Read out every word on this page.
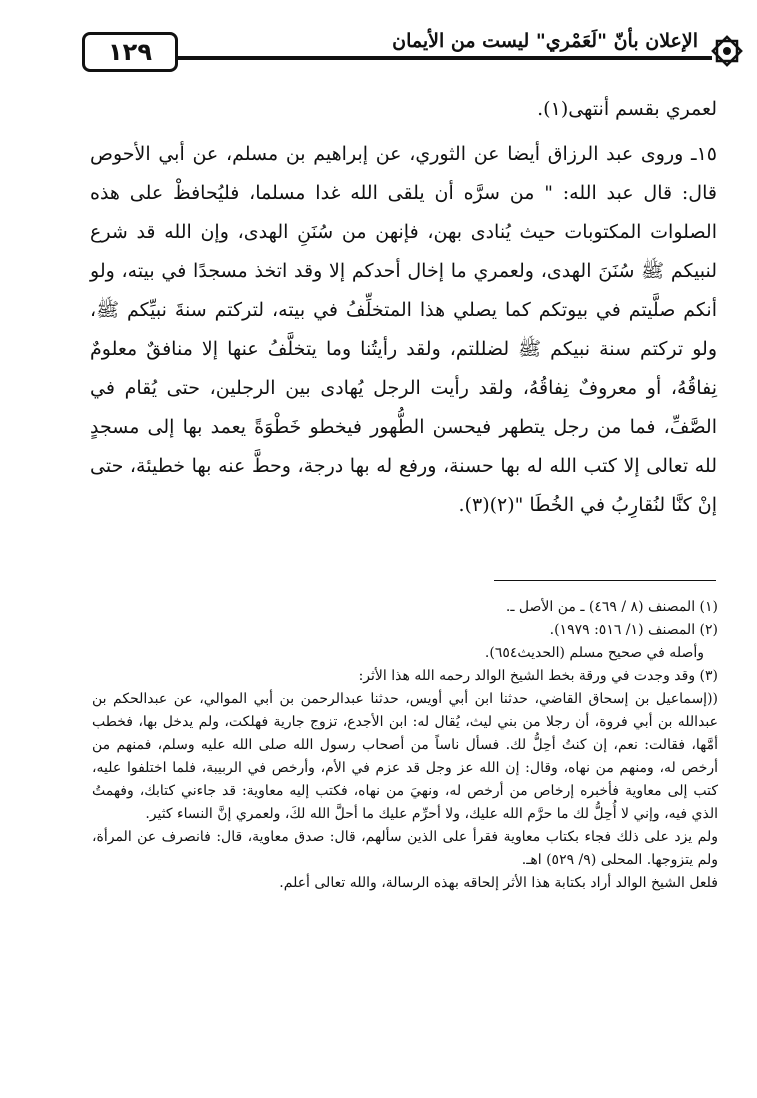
١٢٩	الإعلان بأنّ "لَعَمْري" ليست من الأيمان

لعمري بقسم أنتهى(١).

١٥ـ وروى عبد الرزاق أيضا عن الثوري، عن إبراهيم بن مسلم، عن أبي الأحوص قال: قال عبد الله: " من سرَّه أن يلقى الله غدا مسلما، فليُحافظْ على هذه الصلوات المكتوبات حيث يُنادى بهن، فإنهن من سُنَنِ الهدى، وإن الله قد شرع لنبيكم ﷺ سُنَنَ الهدى، ولعمري ما إخال أحدكم إلا وقد اتخذ مسجدًا في بيته، ولو أنكم صلَّيتم في بيوتكم كما يصلي هذا المتخلِّفُ في بيته، لتركتم سنةَ نبيِّكم ﷺ، ولو تركتم سنة نبيكم ﷺ لضللتم، ولقد رأيتُنا وما يتخلَّفُ عنها إلا منافقٌ معلومٌ نِفاقُهُ، أو معروفٌ نِفاقُهُ، ولقد رأيت الرجل يُهادى بين الرجلين، حتى يُقام في الصَّفِّ، فما من رجل يتطهر فيحسن الطُّهور فيخطو خَطْوَةً يعمد بها إلى مسجدٍ لله تعالى إلا كتب الله له بها حسنة، ورفع له بها درجة، وحطَّ عنه بها خطيئة، حتى إنْ كنَّا لنُقارِبُ في الخُطَا "(٢)(٣).

(١) المصنف (٨ / ٤٦٩) ـ من الأصل ـ.

(٢) المصنف (١/ ٥١٦: ١٩٧٩).

وأصله في صحيح مسلم (الحديث٦٥٤).

(٣) وقد وجدت في ورقة بخط الشيخ الوالد رحمه الله هذا الأثر:

((إسماعيل بن إسحاق القاضي، حدثنا ابن أبي أويس، حدثنا عبدالرحمن بن أبي الموالي، عن عبدالحكم بن عبدالله بن أبي فروة، أن رجلا من بني ليث، يُقال له: ابن الأجدع، تزوج جارية فهلكت، ولم يدخل بها، فخطب أمَّها، فقالت: نعم، إن كنتُ أحِلُّ لك. فسأل ناساً من أصحاب رسول الله صلى الله عليه وسلم، فمنهم من أرخص له، ومنهم من نهاه، وقال: إن الله عز وجل قد عزم في الأم، وأرخص في الربيبة، فلما اختلفوا عليه، كتب إلى معاوية فأخبره إرخاص من أرخص له، ونهيَ من نهاه، فكتب إليه معاوية: قد جاءني كتابك، وفهمتُ الذي فيه، وإني لا أُحِلُّ لك ما حرَّم الله عليك، ولا أحرِّم عليك ما أحلَّ الله لكَ، ولعمري إنَّ النساء كثير.

ولم يزد على ذلك فجاء بكتاب معاوية فقرأ على الذين سألهم، قال: صدق معاوية، قال: فانصرف عن المرأة، ولم يتزوجها. المحلى (٩/ ٥٢٩) اهـ.

فلعل الشيخ الوالد أراد بكتابة هذا الأثر إلحاقه بهذه الرسالة، والله تعالى أعلم.
